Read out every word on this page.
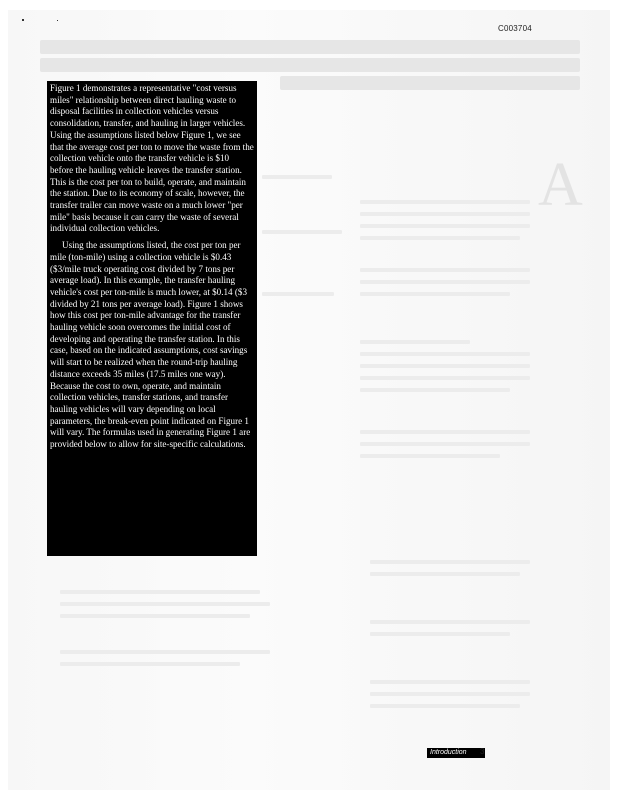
A
C003704

Figure 1 demonstrates a representative "cost versus miles" relationship between direct hauling waste to disposal facilities in collection vehicles versus consolidation, transfer, and hauling in larger vehicles. Using the assumptions listed below Figure 1, we see that the average cost per ton to move the waste from the collection vehicle onto the transfer vehicle is $10 before the hauling vehicle leaves the transfer station. This is the cost per ton to build, operate, and maintain the station. Due to its economy of scale, however, the transfer trailer can move waste on a much lower "per mile" basis because it can carry the waste of several individual collection vehicles.

Using the assumptions listed, the cost per ton per mile (ton-mile) using a collection vehicle is $0.43 ($3/mile truck operating cost divided by 7 tons per average load). In this example, the transfer hauling vehicle's cost per ton-mile is much lower, at $0.14 ($3 divided by 21 tons per average load). Figure 1 shows how this cost per ton-mile advantage for the transfer hauling vehicle soon overcomes the initial cost of developing and operating the transfer station. In this case, based on the indicated assumptions, cost savings will start to be realized when the round-trip hauling distance exceeds 35 miles (17.5 miles one way). Because the cost to own, operate, and maintain collection vehicles, transfer stations, and transfer hauling vehicles will vary depending on local parameters, the break-even point indicated on Figure 1 will vary. The formulas used in generating Figure 1 are provided below to allow for site-specific calculations.

Introduction	3
